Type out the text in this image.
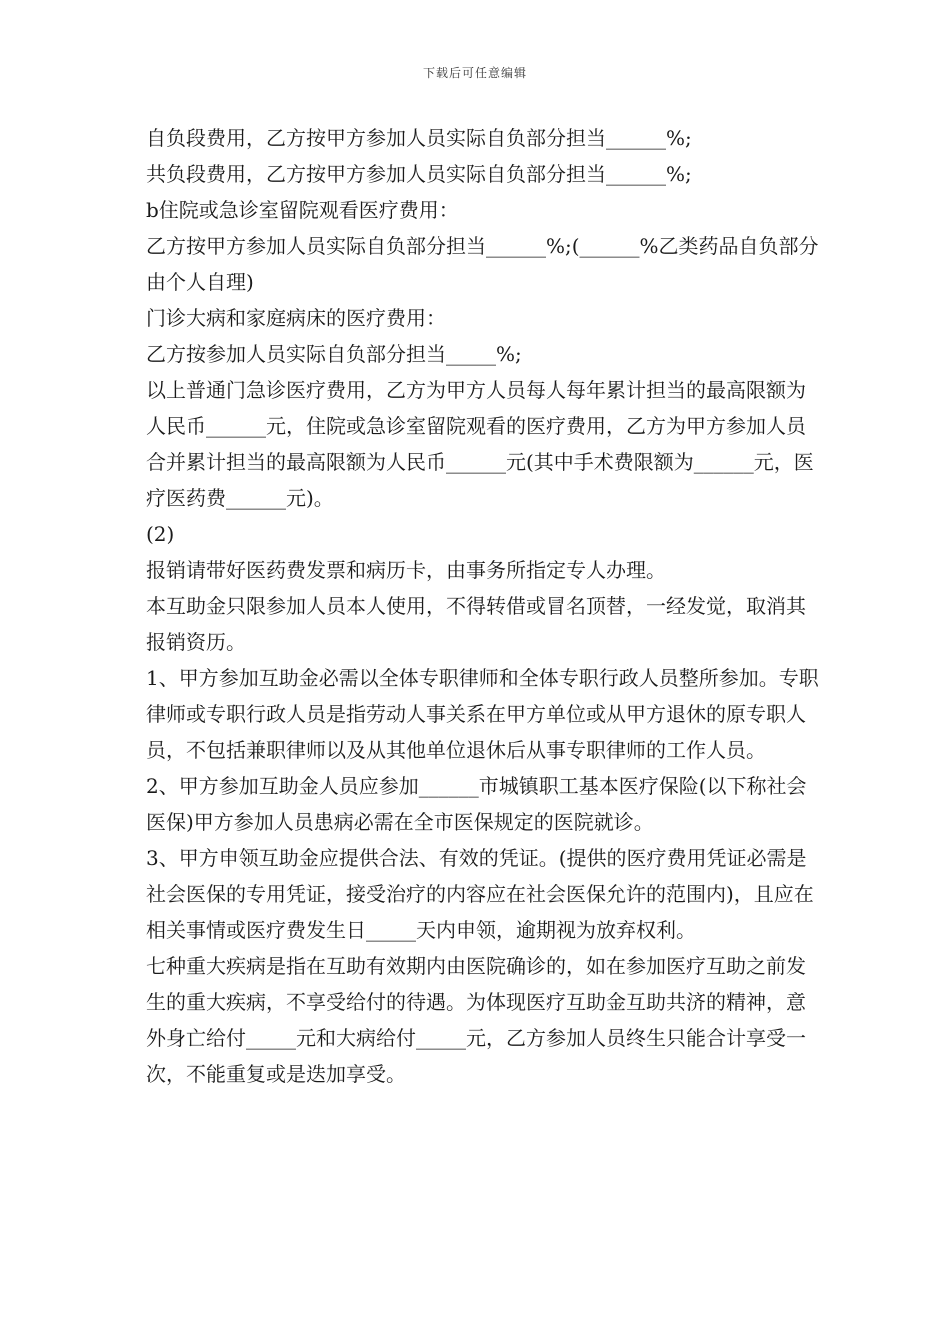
下载后可任意编辑

自负段费用，乙方按甲方参加人员实际自负部分担当______%;

共负段费用，乙方按甲方参加人员实际自负部分担当______%;

b住院或急诊室留院观看医疗费用：

乙方按甲方参加人员实际自负部分担当______%;(______%乙类药品自负部分由个人自理)

门诊大病和家庭病床的医疗费用：

乙方按参加人员实际自负部分担当_____%;

以上普通门急诊医疗费用，乙方为甲方人员每人每年累计担当的最高限额为人民币______元，住院或急诊室留院观看的医疗费用，乙方为甲方参加人员合并累计担当的最高限额为人民币______元(其中手术费限额为______元，医疗医药费______元)。

(2)

报销请带好医药费发票和病历卡，由事务所指定专人办理。

本互助金只限参加人员本人使用，不得转借或冒名顶替，一经发觉，取消其报销资历。

1、甲方参加互助金必需以全体专职律师和全体专职行政人员整所参加。专职律师或专职行政人员是指劳动人事关系在甲方单位或从甲方退休的原专职人员，不包括兼职律师以及从其他单位退休后从事专职律师的工作人员。

2、甲方参加互助金人员应参加______市城镇职工基本医疗保险(以下称社会医保)甲方参加人员患病必需在全市医保规定的医院就诊。

3、甲方申领互助金应提供合法、有效的凭证。(提供的医疗费用凭证必需是社会医保的专用凭证，接受治疗的内容应在社会医保允许的范围内)，且应在相关事情或医疗费发生日_____天内申领，逾期视为放弃权利。

七种重大疾病是指在互助有效期内由医院确诊的，如在参加医疗互助之前发生的重大疾病，不享受给付的待遇。为体现医疗互助金互助共济的精神，意外身亡给付_____元和大病给付_____元，乙方参加人员终生只能合计享受一次，不能重复或是迭加享受。
